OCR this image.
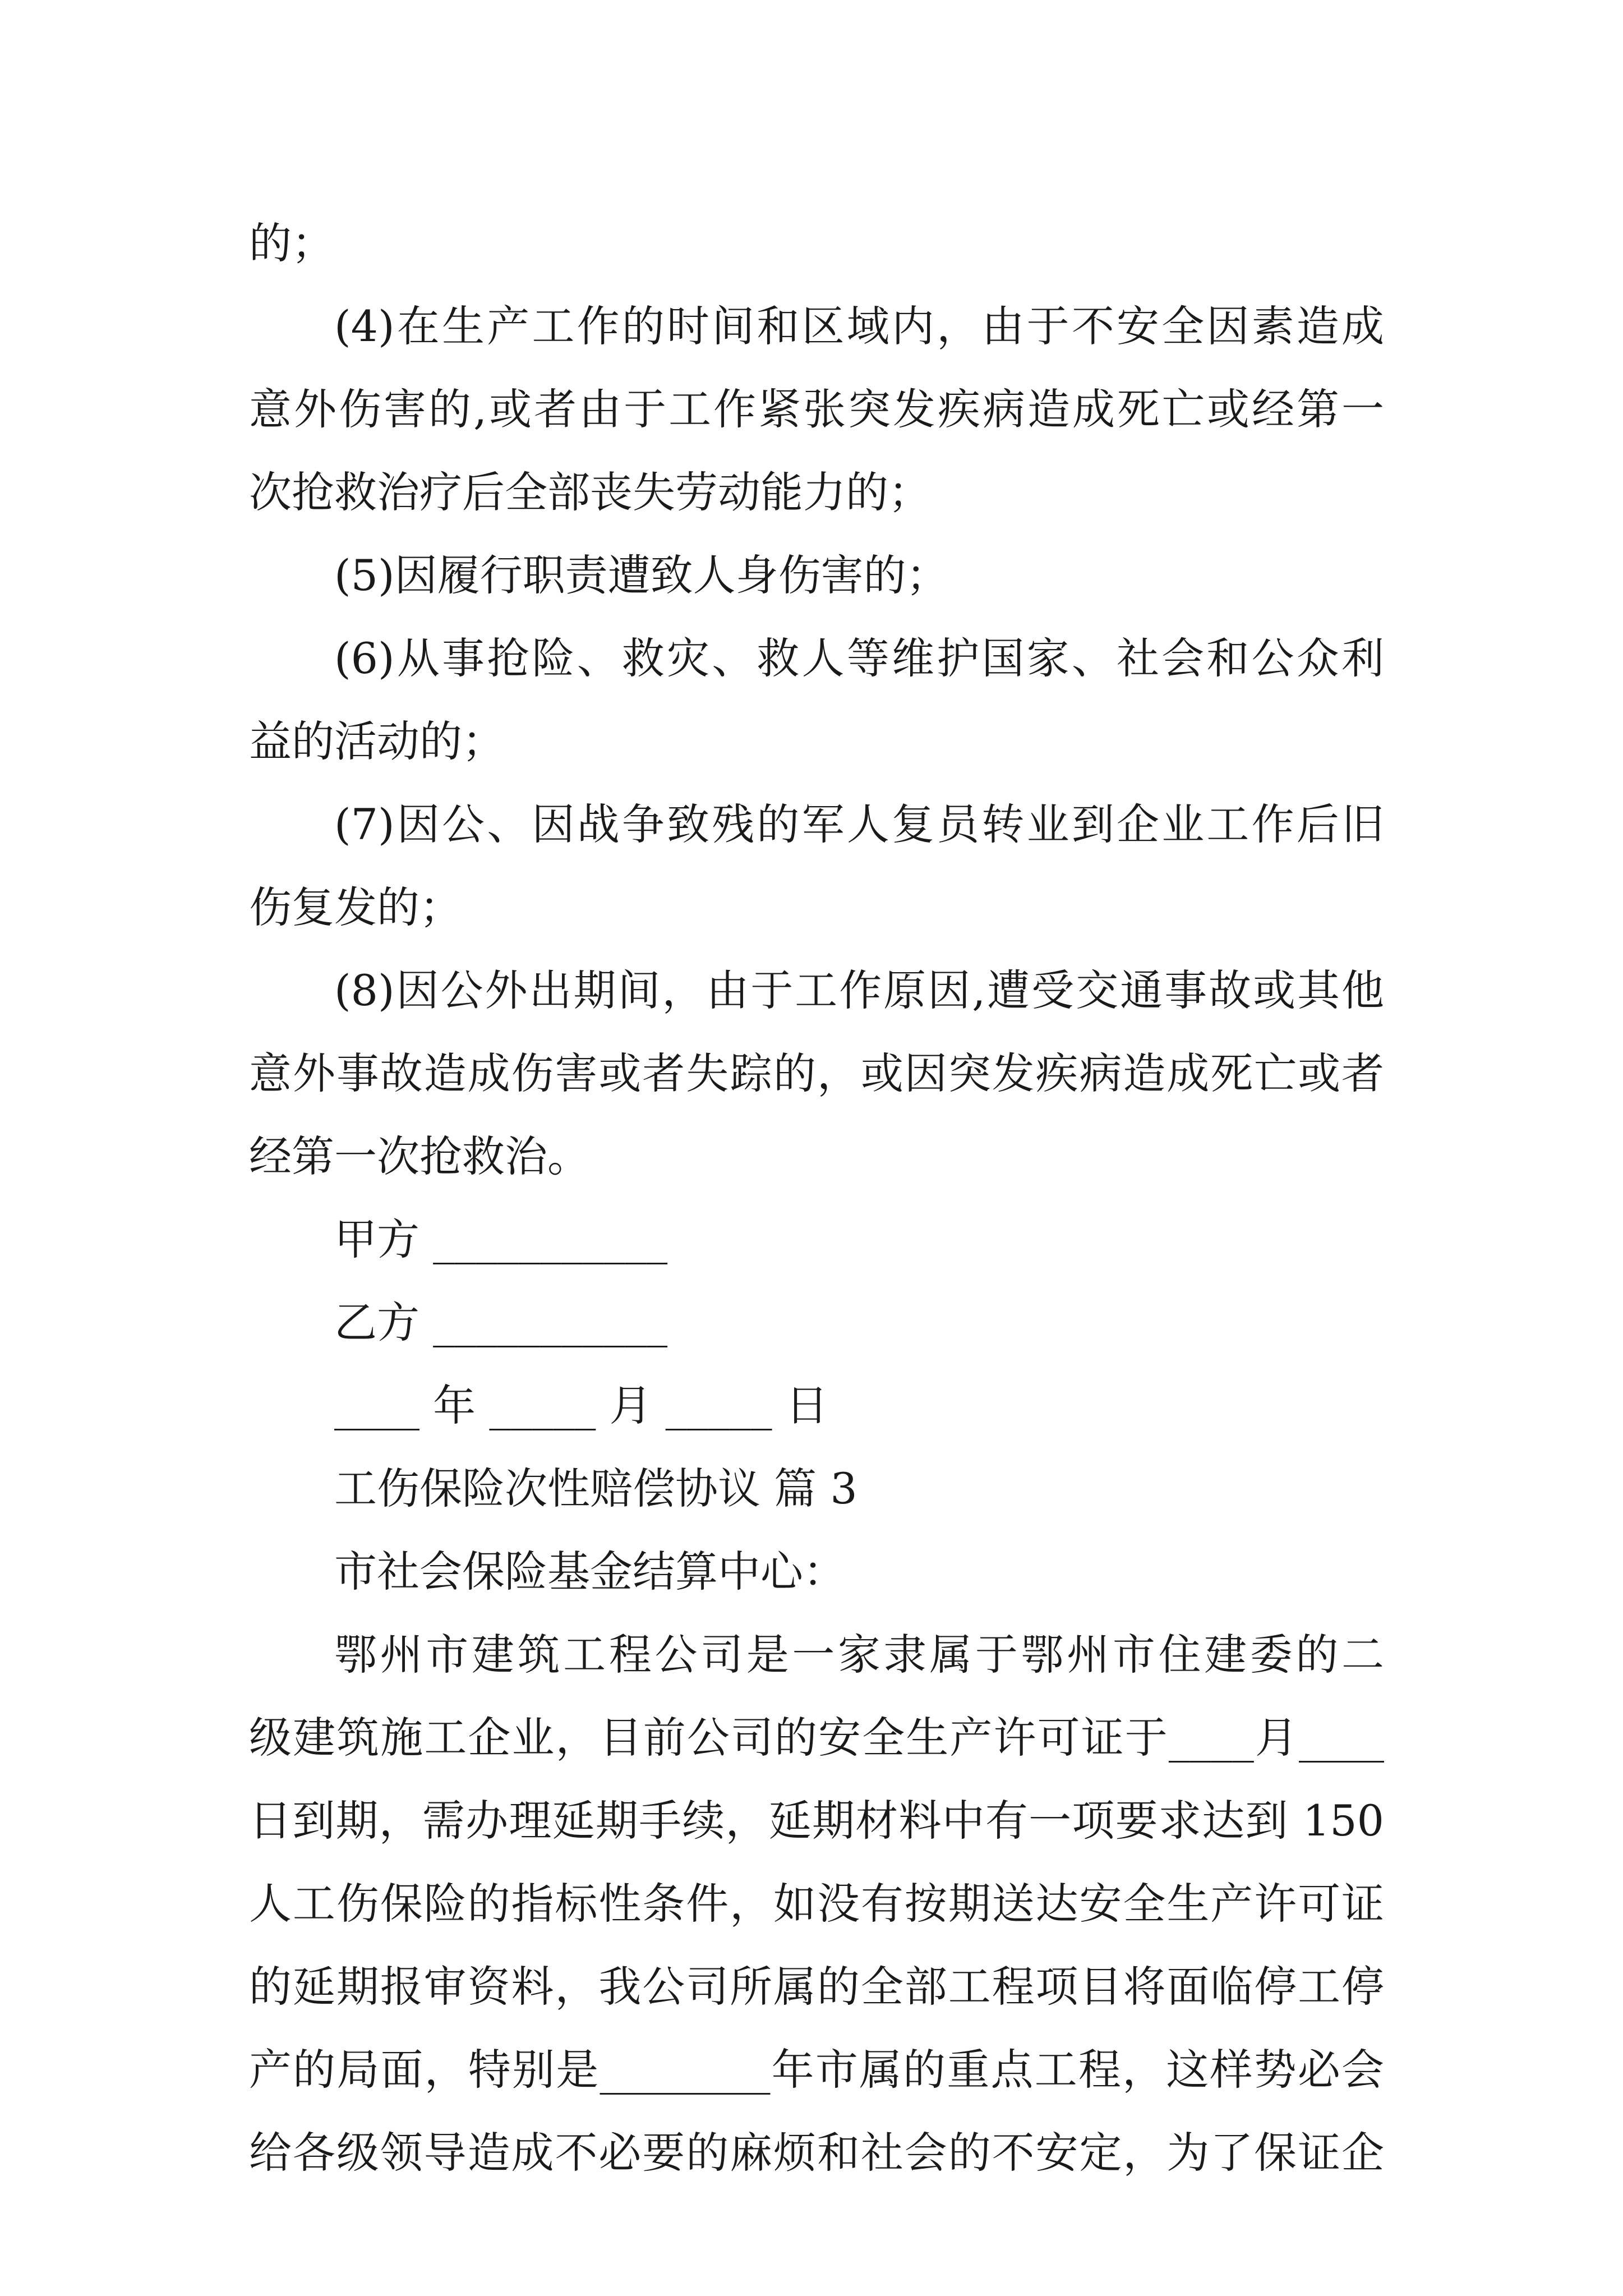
的；
(4)在生产工作的时间和区域内，由于不安全因素造成
意外伤害的,或者由于工作紧张突发疾病造成死亡或经第一
次抢救治疗后全部丧失劳动能力的；
(5)因履行职责遭致人身伤害的；
(6)从事抢险、救灾、救人等维护国家、社会和公众利
益的活动的；
(7)因公、因战争致残的军人复员转业到企业工作后旧
伤复发的；
(8)因公外出期间，由于工作原因,遭受交通事故或其他
意外事故造成伤害或者失踪的，或因突发疾病造成死亡或者
经第一次抢救治。
甲方 ___________
乙方 ___________
____ 年 _____ 月 _____ 日
工伤保险次性赔偿协议 篇 3
市社会保险基金结算中心：
鄂州市建筑工程公司是一家隶属于鄂州市住建委的二
级建筑施工企业，目前公司的安全生产许可证于____月____
日到期，需办理延期手续，延期材料中有一项要求达到 150
人工伤保险的指标性条件，如没有按期送达安全生产许可证
的延期报审资料，我公司所属的全部工程项目将面临停工停
产的局面，特别是________年市属的重点工程，这样势必会
给各级领导造成不必要的麻烦和社会的不安定，为了保证企
